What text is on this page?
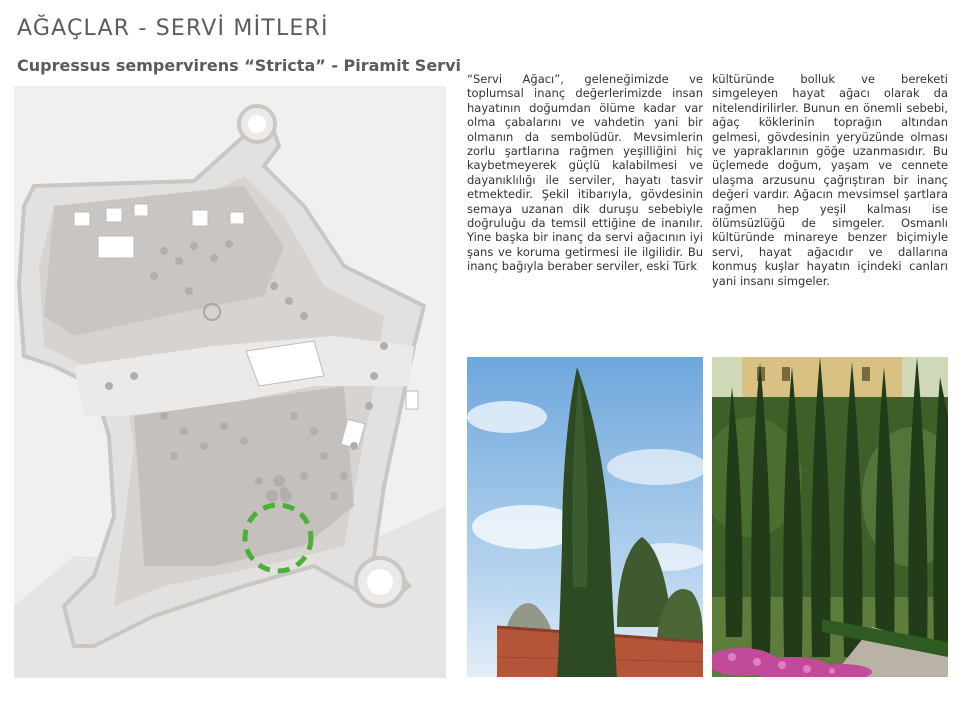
AĞAÇLAR - SERVİ MİTLERİ
Cupressus sempervirens “Stricta” - Piramit Servi

“Servi Ağacı”, geleneğimizde ve toplumsal inanç değerlerimizde insan hayatının doğumdan ölüme kadar var olma çabalarını ve vahdetin yani bir olmanın da sembolüdür. Mevsimlerin zorlu şartlarına rağmen yeşilliğini hiç kaybetmeyerek güçlü kalabilmesi ve dayanıklılığı ile serviler, hayatı tasvir etmektedir. Şekil itibarıyla, gövdesinin semaya uzanan dik duruşu sebebiyle doğruluğu da temsil ettiğine de inanılır. Yine başka bir inanç da servi ağacının iyi şans ve koruma getirmesi ile ilgilidir. Bu inanç bağıyla beraber serviler, eski Türk

kültüründe bolluk ve bereketi simgeleyen hayat ağacı olarak da nitelendirilirler. Bunun en önemli sebebi, ağaç köklerinin toprağın altından gelmesi, gövdesinin yeryüzünde olması ve yapraklarının göğe uzanmasıdır. Bu üçlemede doğum, yaşam ve cennete ulaşma arzusunu çağrıştıran bir inanç değeri vardır. Ağacın mevsimsel şartlara rağmen hep yeşil kalması ise ölümsüzlüğü de simgeler. Osmanlı kültüründe minareye benzer biçimiyle servi, hayat ağacıdır ve dallarına konmuş kuşlar hayatın içindeki canları yani insanı simgeler.
